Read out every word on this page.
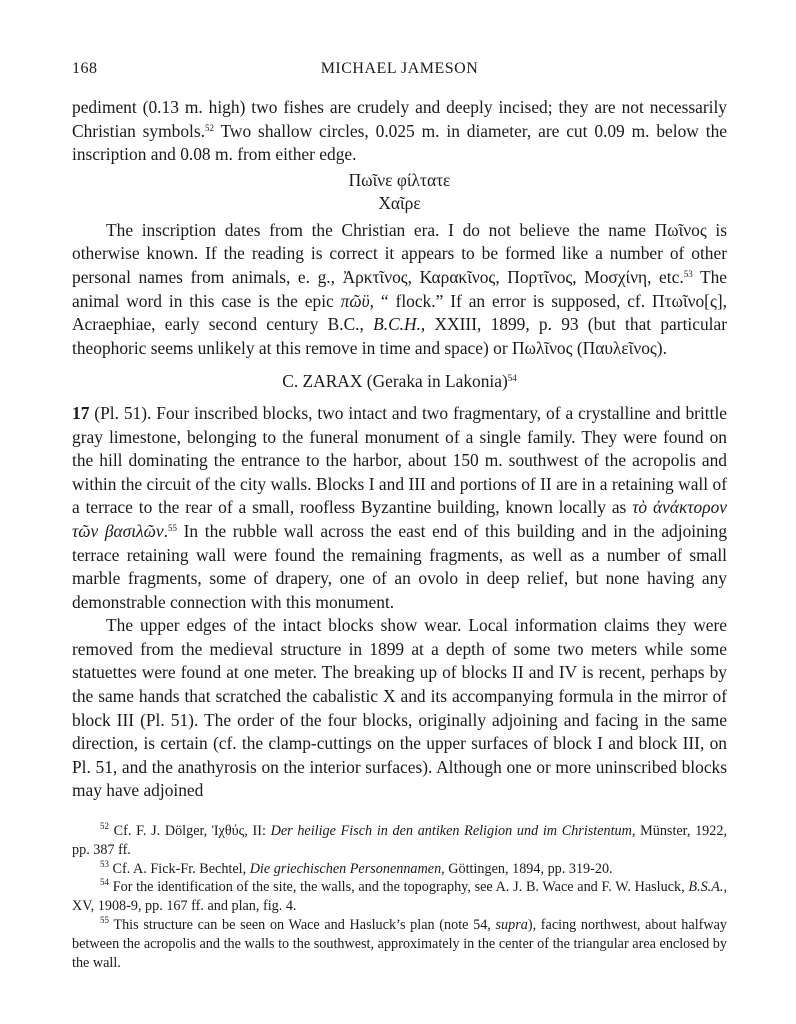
168	MICHAEL JAMESON

pediment (0.13 m. high) two fishes are crudely and deeply incised; they are not necessarily Christian symbols.$^{52}$ Two shallow circles, 0.025 m. in diameter, are cut 0.09 m. below the inscription and 0.08 m. from either edge.

Πωῖνε φίλτατε
Χαῖρε

The inscription dates from the Christian era. I do not believe the name Πωῖνος is otherwise known. If the reading is correct it appears to be formed like a number of other personal names from animals, e. g., Ἀρκτῖνος, Καρακῖνος, Πορτῖνος, Μοσχίνη, etc.$^{53}$ The animal word in this case is the epic πῶϋ, “ flock.” If an error is supposed, cf. Πτωῖνο[ς], Acraephiae, early second century B.C., B.C.H., XXIII, 1899, p. 93 (but that particular theophoric seems unlikely at this remove in time and space) or Πωλῖνος (Παυλεῖνος).

C. ZARAX (Geraka in Lakonia)$^{54}$

17 (Pl. 51). Four inscribed blocks, two intact and two fragmentary, of a crystalline and brittle gray limestone, belonging to the funeral monument of a single family. They were found on the hill dominating the entrance to the harbor, about 150 m. southwest of the acropolis and within the circuit of the city walls. Blocks I and III and portions of II are in a retaining wall of a terrace to the rear of a small, roofless Byzantine building, known locally as τὸ ἀνάκτορον τῶν βασιλῶν.$^{55}$ In the rubble wall across the east end of this building and in the adjoining terrace retaining wall were found the remaining fragments, as well as a number of small marble fragments, some of drapery, one of an ovolo in deep relief, but none having any demonstrable connection with this monument.

The upper edges of the intact blocks show wear. Local information claims they were removed from the medieval structure in 1899 at a depth of some two meters while some statuettes were found at one meter. The breaking up of blocks II and IV is recent, perhaps by the same hands that scratched the cabalistic X and its accompanying formula in the mirror of block III (Pl. 51). The order of the four blocks, originally adjoining and facing in the same direction, is certain (cf. the clamp-cuttings on the upper surfaces of block I and block III, on Pl. 51, and the anathyrosis on the interior surfaces). Although one or more uninscribed blocks may have adjoined

$^{52}$ Cf. F. J. Dölger, Ἰχθύς, II: Der heilige Fisch in den antiken Religion und im Christentum, Münster, 1922, pp. 387 ff.

$^{53}$ Cf. A. Fick-Fr. Bechtel, Die griechischen Personennamen, Göttingen, 1894, pp. 319-20.

$^{54}$ For the identification of the site, the walls, and the topography, see A. J. B. Wace and F. W. Hasluck, B.S.A., XV, 1908-9, pp. 167 ff. and plan, fig. 4.

$^{55}$ This structure can be seen on Wace and Hasluck’s plan (note 54, supra), facing northwest, about halfway between the acropolis and the walls to the southwest, approximately in the center of the triangular area enclosed by the wall.
